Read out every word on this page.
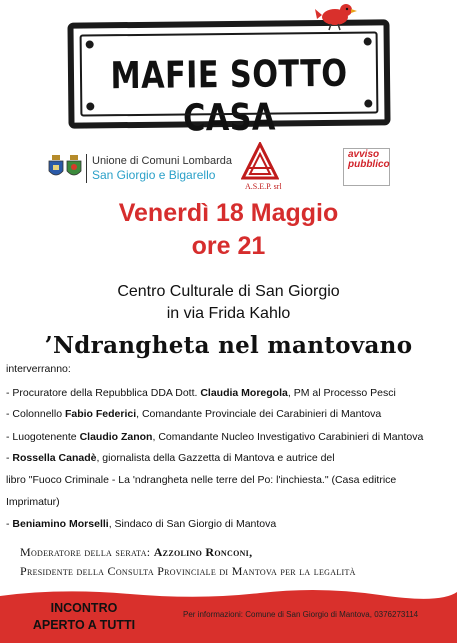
MAFIE SOTTO CASA
Unione di Comuni Lombarda
San Giorgio e Bigarello
A.S.E.P. srl
avviso
pubblico
Venerdì 18 Maggio
ore 21
Centro Culturale di San Giorgio
in via Frida Kahlo
’Ndrangheta nel mantovano
interverranno:
- Procuratore della Repubblica DDA Dott. Claudia Moregola, PM al Processo Pesci
- Colonnello Fabio Federici, Comandante Provinciale dei Carabinieri di Mantova
- Luogotenente Claudio Zanon, Comandante Nucleo Investigativo Carabinieri di Mantova
- Rossella Canadè, giornalista della Gazzetta di Mantova e autrice del
libro "Fuoco Criminale - La 'ndrangheta nelle terre del Po: l'inchiesta." (Casa editrice
Imprimatur)
- Beniamino Morselli, Sindaco di San Giorgio di Mantova
Moderatore della serata: Azzolino Ronconi,
Presidente della Consulta Provinciale di Mantova per la legalità
INCONTRO
APERTO A TUTTI
Per informazioni: Comune di San Giorgio di Mantova, 0376273114
